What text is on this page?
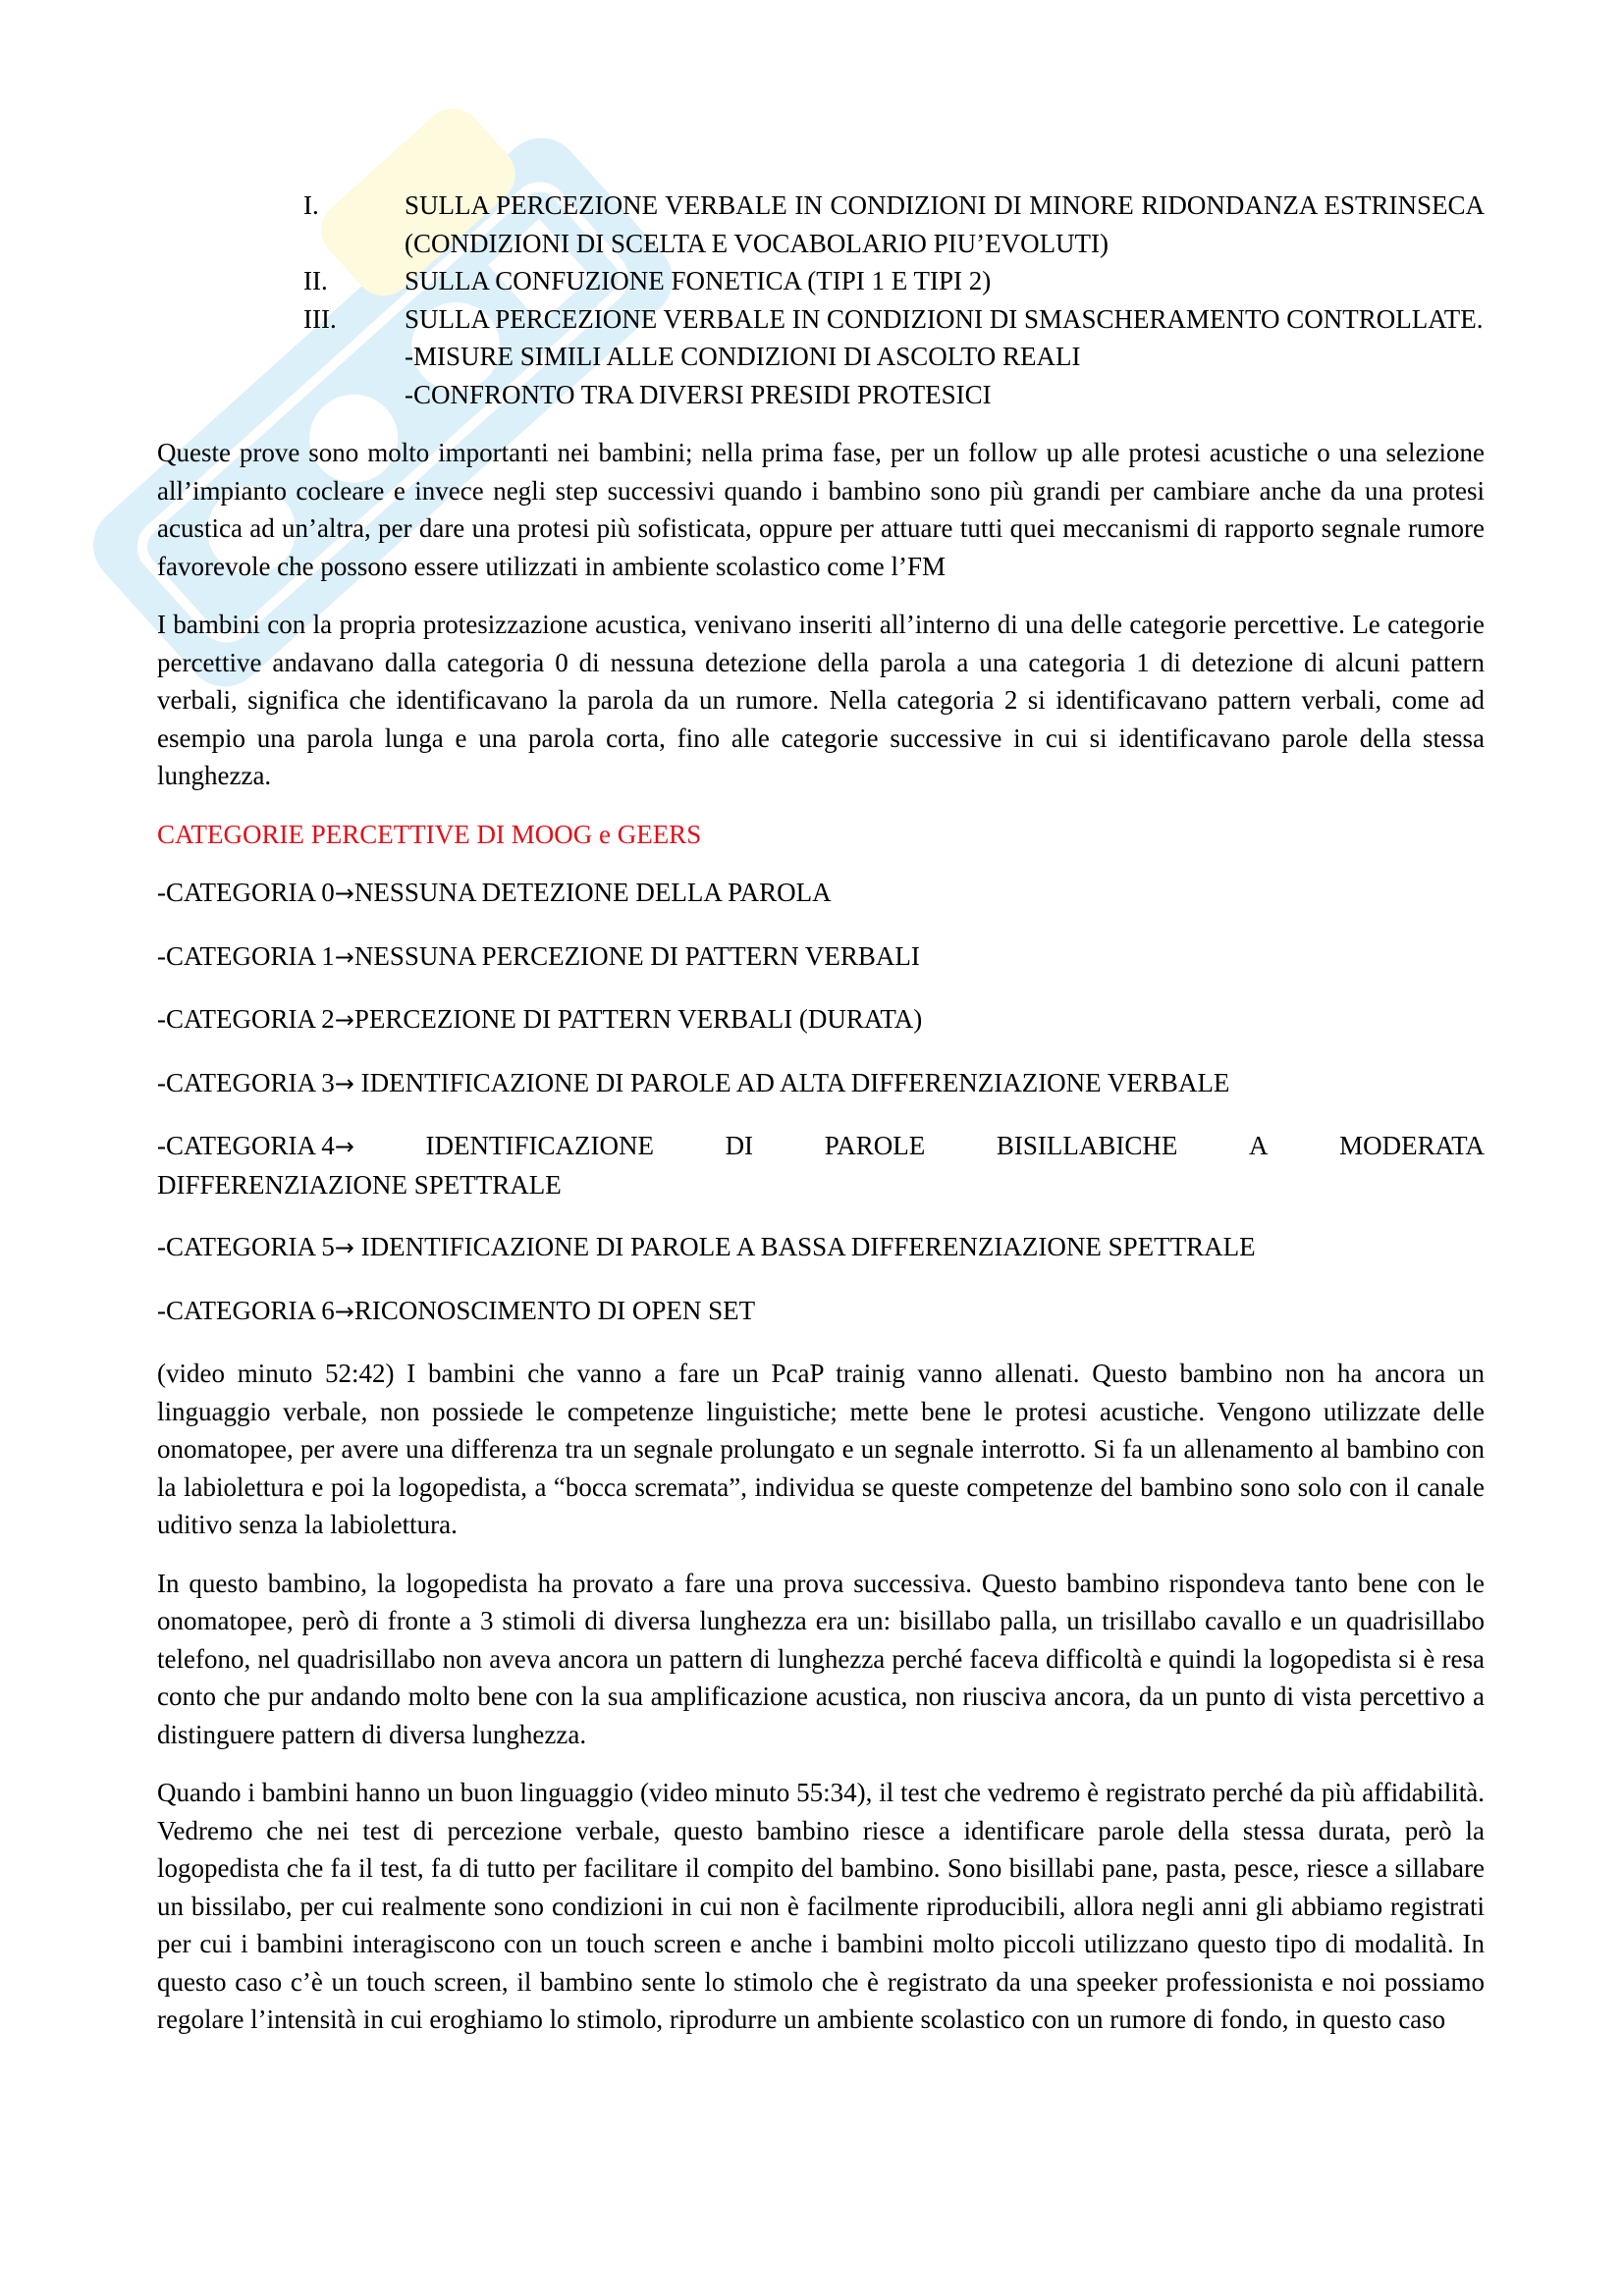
I.	SULLA PERCEZIONE VERBALE IN CONDIZIONI DI MINORE RIDONDANZA ESTRINSECA (CONDIZIONI DI SCELTA E VOCABOLARIO PIU’EVOLUTI)
II.	SULLA CONFUZIONE FONETICA (TIPI 1 E TIPI 2)
III.	SULLA PERCEZIONE VERBALE IN CONDIZIONI DI SMASCHERAMENTO CONTROLLATE.
-MISURE SIMILI ALLE CONDIZIONI DI ASCOLTO REALI
-CONFRONTO TRA DIVERSI PRESIDI PROTESICI

Queste prove sono molto importanti nei bambini; nella prima fase, per un follow up alle protesi acustiche o una selezione all’impianto cocleare e invece negli step successivi quando i bambino sono più grandi per cambiare anche da una protesi acustica ad un’altra, per dare una protesi più sofisticata, oppure per attuare tutti quei meccanismi di rapporto segnale rumore favorevole che possono essere utilizzati in ambiente scolastico come l’FM

I bambini con la propria protesizzazione acustica, venivano inseriti all’interno di una delle categorie percettive. Le categorie percettive andavano dalla categoria 0 di nessuna detezione della parola a una categoria 1 di detezione di alcuni pattern verbali, significa che identificavano la parola da un rumore. Nella categoria 2 si identificavano pattern verbali, come ad esempio una parola lunga e una parola corta, fino alle categorie successive in cui si identificavano parole della stessa lunghezza.

CATEGORIE PERCETTIVE DI MOOG e GEERS
-CATEGORIA 0→NESSUNA DETEZIONE DELLA PAROLA
-CATEGORIA 1→NESSUNA PERCEZIONE DI PATTERN VERBALI
-CATEGORIA 2→PERCEZIONE DI PATTERN VERBALI (DURATA)
-CATEGORIA 3→ IDENTIFICAZIONE DI PAROLE AD ALTA DIFFERENZIAZIONE VERBALE
-CATEGORIA 4→	IDENTIFICAZIONE	DI	PAROLE	BISILLABICHE	A	MODERATA
DIFFERENZIAZIONE SPETTRALE
-CATEGORIA 5→ IDENTIFICAZIONE DI PAROLE A BASSA DIFFERENZIAZIONE SPETTRALE
-CATEGORIA 6→RICONOSCIMENTO DI OPEN SET

(video minuto 52:42) I bambini che vanno a fare un PcaP trainig vanno allenati. Questo bambino non ha ancora un linguaggio verbale, non possiede le competenze linguistiche; mette bene le protesi acustiche. Vengono utilizzate delle onomatopee, per avere una differenza tra un segnale prolungato e un segnale interrotto. Si fa un allenamento al bambino con la labiolettura e poi la logopedista, a “bocca scremata”, individua se queste competenze del bambino sono solo con il canale uditivo senza la labiolettura.

In questo bambino, la logopedista ha provato a fare una prova successiva. Questo bambino rispondeva tanto bene con le onomatopee, però di fronte a 3 stimoli di diversa lunghezza era un: bisillabo palla, un trisillabo cavallo e un quadrisillabo telefono, nel quadrisillabo non aveva ancora un pattern di lunghezza perché faceva difficoltà e quindi la logopedista si è resa conto che pur andando molto bene con la sua amplificazione acustica, non riusciva ancora, da un punto di vista percettivo a distinguere pattern di diversa lunghezza.

Quando i bambini hanno un buon linguaggio (video minuto 55:34), il test che vedremo è registrato perché da più affidabilità. Vedremo che nei test di percezione verbale, questo bambino riesce a identificare parole della stessa durata, però la logopedista che fa il test, fa di tutto per facilitare il compito del bambino. Sono bisillabi pane, pasta, pesce, riesce a sillabare un bissilabo, per cui realmente sono condizioni in cui non è facilmente riproducibili, allora negli anni gli abbiamo registrati per cui i bambini interagiscono con un touch screen e anche i bambini molto piccoli utilizzano questo tipo di modalità. In questo caso c’è un touch screen, il bambino sente lo stimolo che è registrato da una speeker professionista e noi possiamo regolare l’intensità in cui eroghiamo lo stimolo, riprodurre un ambiente scolastico con un rumore di fondo, in questo caso
